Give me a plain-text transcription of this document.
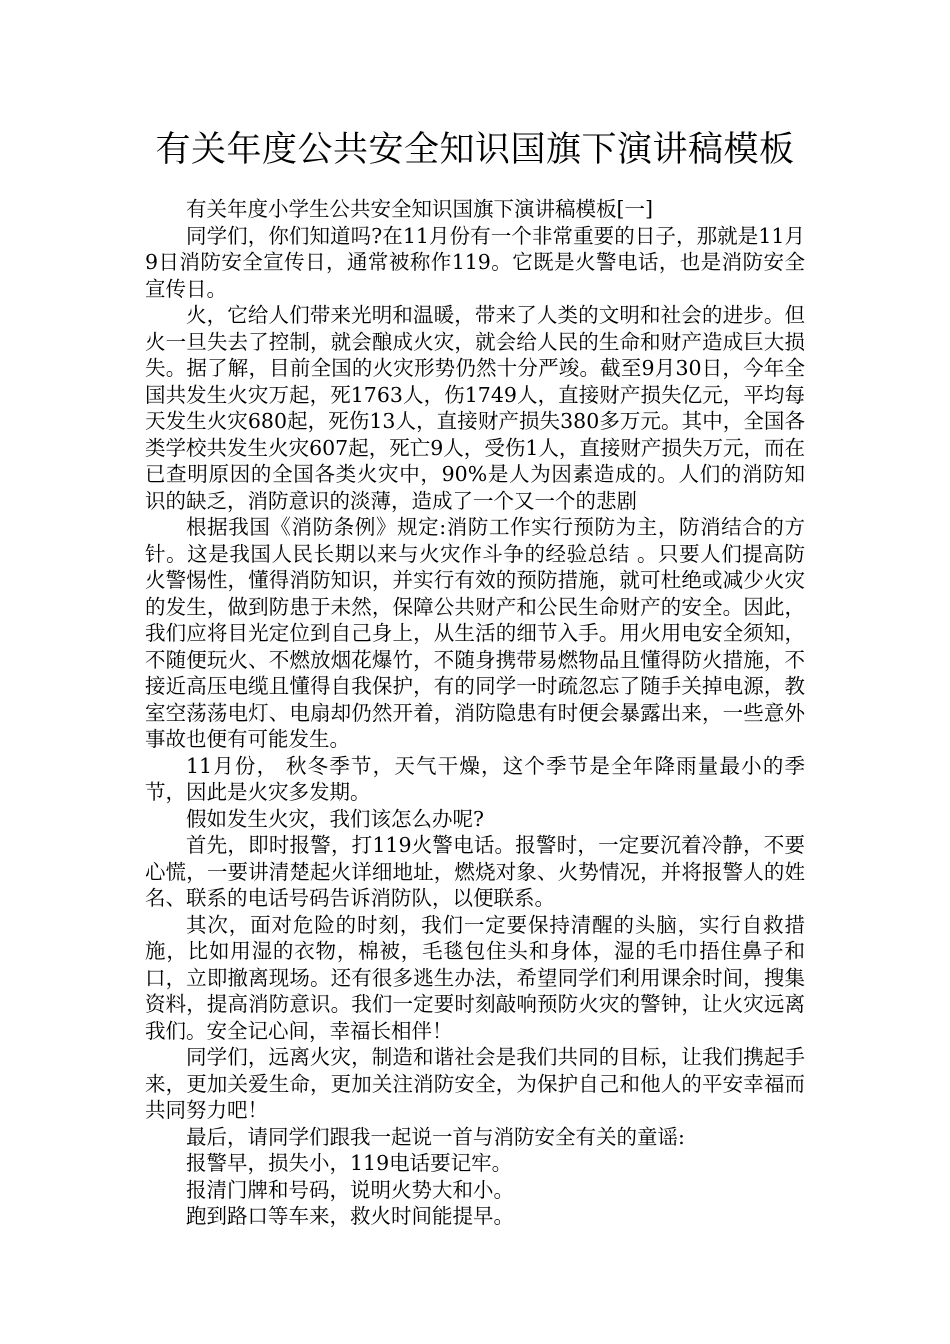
有关年度公共安全知识国旗下演讲稿模板

有关年度小学生公共安全知识国旗下演讲稿模板[一]

同学们，你们知道吗?在11月份有一个非常重要的日子，那就是11月9日消防安全宣传日，通常被称作119。它既是火警电话，也是消防安全宣传日。

火，它给人们带来光明和温暖，带来了人类的文明和社会的进步。但火一旦失去了控制，就会酿成火灾，就会给人民的生命和财产造成巨大损失。据了解，目前全国的火灾形势仍然十分严竣。截至9月30日，今年全国共发生火灾万起，死1763人，伤1749人，直接财产损失亿元，平均每天发生火灾680起，死伤13人，直接财产损失380多万元。其中，全国各类学校共发生火灾607起，死亡9人，受伤1人，直接财产损失万元，而在已查明原因的全国各类火灾中，90%是人为因素造成的。人们的消防知识的缺乏，消防意识的淡薄，造成了一个又一个的悲剧

根据我国《消防条例》规定:消防工作实行预防为主，防消结合的方针。这是我国人民长期以来与火灾作斗争的经验总结 。只要人们提高防火警惕性，懂得消防知识，并实行有效的预防措施，就可杜绝或减少火灾的发生，做到防患于未然，保障公共财产和公民生命财产的安全。因此，我们应将目光定位到自己身上，从生活的细节入手。用火用电安全须知，不随便玩火、不燃放烟花爆竹，不随身携带易燃物品且懂得防火措施，不接近高压电缆且懂得自我保护，有的同学一时疏忽忘了随手关掉电源，教室空荡荡电灯、电扇却仍然开着，消防隐患有时便会暴露出来，一些意外事故也便有可能发生。

11月份， 秋冬季节，天气干燥，这个季节是全年降雨量最小的季节，因此是火灾多发期。

假如发生火灾，我们该怎么办呢?

首先，即时报警，打119火警电话。报警时，一定要沉着冷静，不要心慌，一要讲清楚起火详细地址，燃烧对象、火势情况，并将报警人的姓名、联系的电话号码告诉消防队，以便联系。

其次，面对危险的时刻，我们一定要保持清醒的头脑，实行自救措施，比如用湿的衣物，棉被，毛毯包住头和身体，湿的毛巾捂住鼻子和口，立即撤离现场。还有很多逃生办法，希望同学们利用课余时间，搜集资料，提高消防意识。我们一定要时刻敲响预防火灾的警钟，让火灾远离我们。安全记心间，幸福长相伴！

同学们，远离火灾，制造和谐社会是我们共同的目标，让我们携起手来，更加关爱生命，更加关注消防安全，为保护自己和他人的平安幸福而共同努力吧！

最后，请同学们跟我一起说一首与消防安全有关的童谣:

报警早，损失小，119电话要记牢。

报清门牌和号码，说明火势大和小。

跑到路口等车来，救火时间能提早。
